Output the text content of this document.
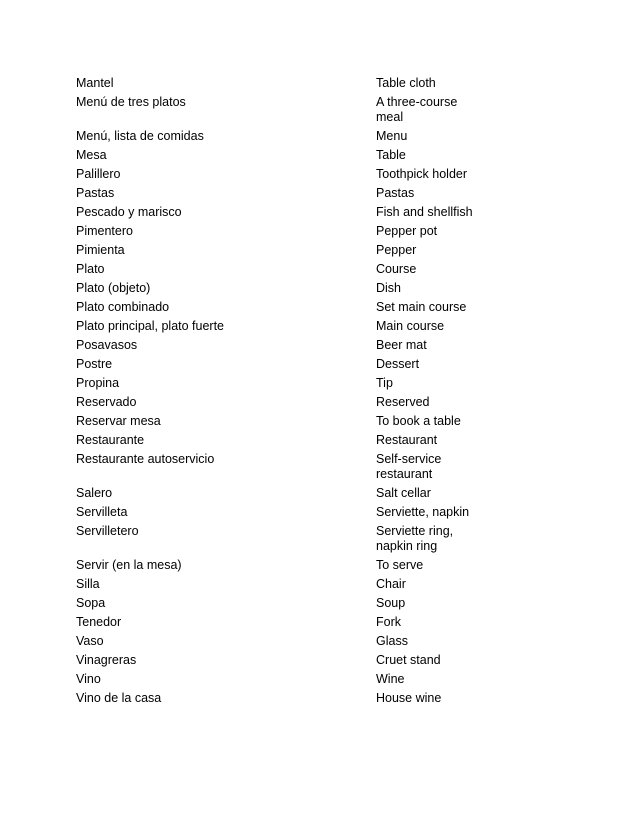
Mantel	Table cloth
Menú de tres platos	A three-course meal
Menú, lista de comidas	Menu
Mesa	Table
Palillero	Toothpick holder
Pastas	Pastas
Pescado y marisco	Fish and shellfish
Pimentero	Pepper pot
Pimienta	Pepper
Plato	Course
Plato (objeto)	Dish
Plato combinado	Set main course
Plato principal, plato fuerte	Main course
Posavasos	Beer mat
Postre	Dessert
Propina	Tip
Reservado	Reserved
Reservar mesa	To book a table
Restaurante	Restaurant
Restaurante autoservicio	Self-service restaurant
Salero	Salt cellar
Servilleta	Serviette, napkin
Servilletero	Serviette ring, napkin ring
Servir (en la mesa)	To serve
Silla	Chair
Sopa	Soup
Tenedor	Fork
Vaso	Glass
Vinagreras	Cruet stand
Vino	Wine
Vino de la casa	House wine
